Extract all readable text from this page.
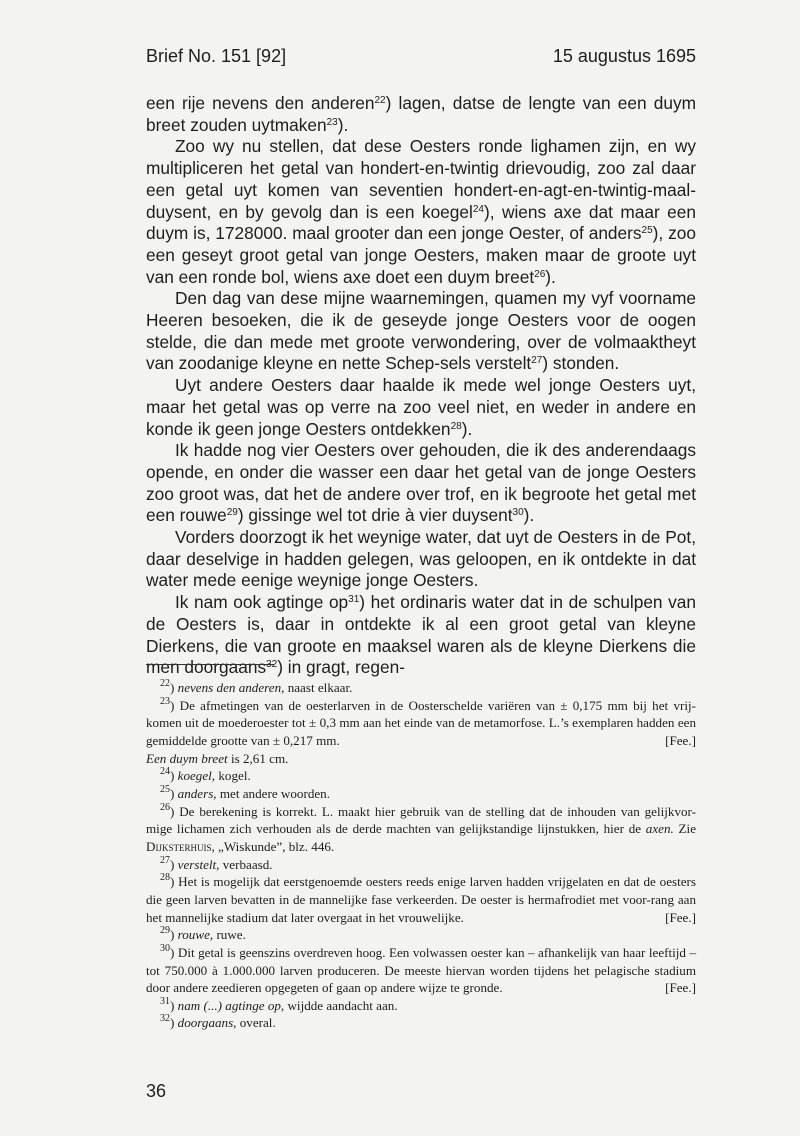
Brief No. 151 [92]	15 augustus 1695

een rije nevens den anderen$^{22}$) lagen, datse de lengte van een duym breet zouden uytmaken$^{23}$).

Zoo wy nu stellen, dat dese Oesters ronde lighamen zijn, en wy multipliceren het getal van hondert-en-twintig drievoudig, zoo zal daar een getal uyt komen van seventien hondert-en-agt-en-twintig-maal-duysent, en by gevolg dan is een koegel$^{24}$), wiens axe dat maar een duym is, 1728000. maal grooter dan een jonge Oester, of anders$^{25}$), zoo een geseyt groot getal van jonge Oesters, maken maar de groote uyt van een ronde bol, wiens axe doet een duym breet$^{26}$).

Den dag van dese mijne waarnemingen, quamen my vyf voorname Heeren besoeken, die ik de geseyde jonge Oesters voor de oogen stelde, die dan mede met groote verwondering, over de volmaaktheyt van zoodanige kleyne en nette Schep-sels verstelt$^{27}$) stonden.

Uyt andere Oesters daar haalde ik mede wel jonge Oesters uyt, maar het getal was op verre na zoo veel niet, en weder in andere en konde ik geen jonge Oesters ontdekken$^{28}$).

Ik hadde nog vier Oesters over gehouden, die ik des anderendaags opende, en onder die wasser een daar het getal van de jonge Oesters zoo groot was, dat het de andere over trof, en ik begroote het getal met een rouwe$^{29}$) gissinge wel tot drie à vier duysent$^{30}$).

Vorders doorzogt ik het weynige water, dat uyt de Oesters in de Pot, daar deselvige in hadden gelegen, was geloopen, en ik ontdekte in dat water mede eenige weynige jonge Oesters.

Ik nam ook agtinge $op^{31}$) het ordinaris water dat in de schulpen van de Oesters is, daar in ontdekte ik al een groot getal van kleyne Dierkens, die van groote en maaksel waren als de kleyne Dierkens die men doorgaans$^{32}$) in gragt, regen-

$^{22}$) nevens den anderen, naast elkaar.

$^{23}$) De afmetingen van de oesterlarven in de Oosterschelde variëren van ± 0,175 mm bij het vrij-komen uit de moederoester tot ± 0,3 mm aan het einde van de metamorfose. L.’s exemplaren hadden een gemiddelde grootte van ± 0,217 mm.	[Fee.]

Een duym breet is 2,61 cm.

$^{24}$) koegel, kogel.

$^{25}$) anders, met andere woorden.

$^{26}$) De berekening is korrekt. L. maakt hier gebruik van de stelling dat de inhouden van gelijkvor-mige lichamen zich verhouden als de derde machten van gelijkstandige lijnstukken, hier de axen. Zie Dijksterhuis, „Wiskunde”, blz. 446.

$^{27}$) verstelt, verbaasd.

$^{28}$) Het is mogelijk dat eerstgenoemde oesters reeds enige larven hadden vrijgelaten en dat de oesters die geen larven bevatten in de mannelijke fase verkeerden. De oester is hermafrodiet met voor-rang aan het mannelijke stadium dat later overgaat in het vrouwelijke.	[Fee.]

$^{29}$) rouwe, ruwe.

$^{30}$) Dit getal is geenszins overdreven hoog. Een volwassen oester kan – afhankelijk van haar leeftijd – tot 750.000 à 1.000.000 larven produceren. De meeste hiervan worden tijdens het pelagische stadium door andere zeedieren opgegeten of gaan op andere wijze te gronde.	[Fee.]

$^{31}$) nam (...) agtinge op, wijdde aandacht aan.

$^{32}$) doorgaans, overal.

36
